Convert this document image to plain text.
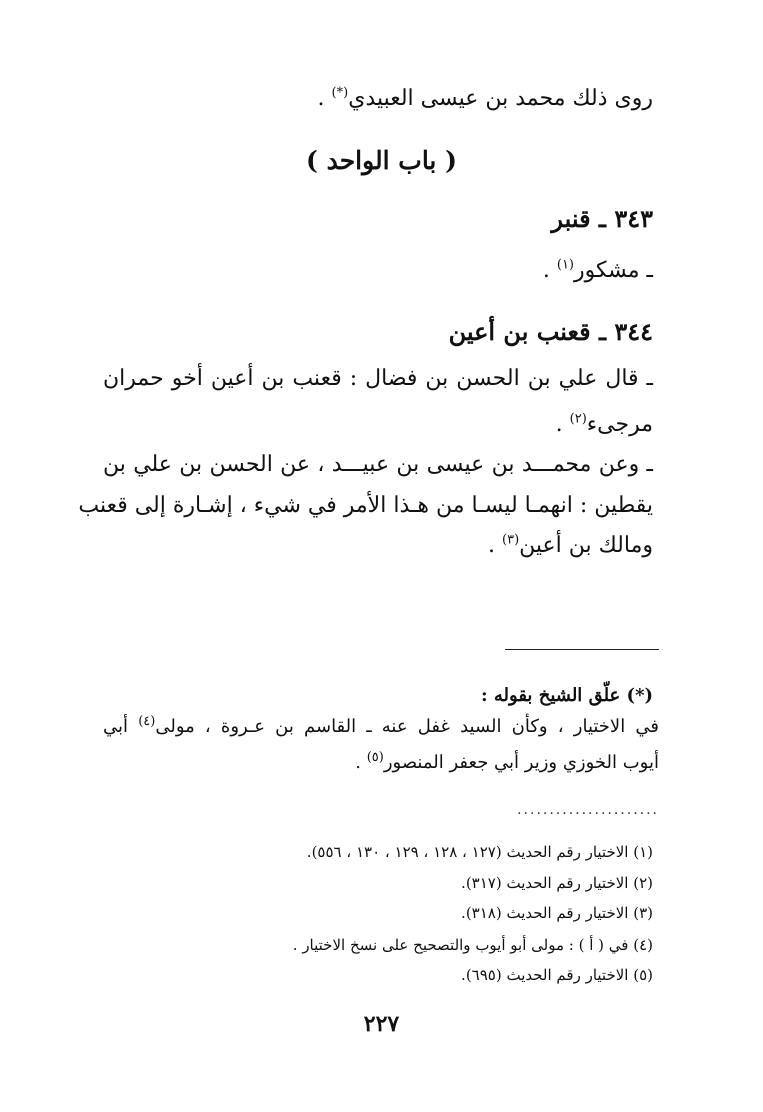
روى ذلك محمد بن عيسى العبيدي(*) .
( باب الواحد )
٣٤٣ ـ قنبر
ـ مشكور$^{(١)}$ .
٣٤٤ ـ قعنب بن أعين
ـ قال علي بن الحسن بن فضال : قعنب بن أعين أخو حمران
مرجىء$^{(٢)}$ .
ـ وعن محمـــد بن عيسى بن عبيـــد ، عن الحسن بن علي بن
يقطين : انهمـا ليسـا من هـذا الأمر في شيء ، إشـارة إلى قعنب
ومالك بن أعين$^{(٣)}$ .
(*) علّق الشيخ بقوله :
في الاختيار ، وكأن السيد غفل عنه ـ القاسم بن عـروة ، مولى$^{(٤)}$ أبي
أيوب الخوزي وزير أبي جعفر المنصور$^{(٥)}$ .
......................
(١) الاختيار رقم الحديث (١٢٧ ، ١٢٨ ، ١٢٩ ، ١٣٠ ، ٥٥٦).
(٢) الاختيار رقم الحديث (٣١٧).
(٣) الاختيار رقم الحديث (٣١٨).
(٤) في ( أ ) : مولى أبو أيوب والتصحيح على نسخ الاختيار .
(٥) الاختيار رقم الحديث (٦٩٥).
٢٢٧
